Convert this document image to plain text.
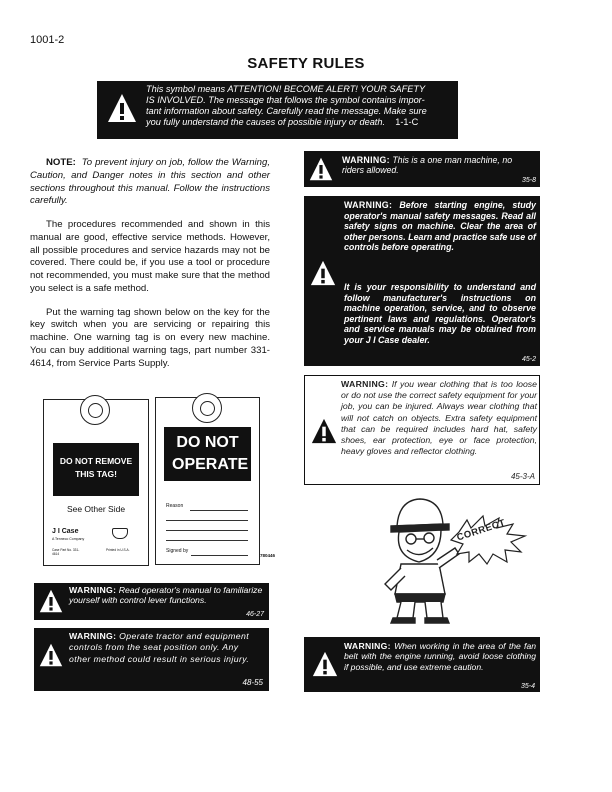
1001-2
SAFETY RULES
This symbol means ATTENTION! BECOME ALERT! YOUR SAFETY
IS INVOLVED. The message that follows the symbol contains impor-
tant information about safety. Carefully read the message. Make sure
you fully understand the causes of possible injury or death. 1-1-C

NOTE: To prevent injury on job, follow the Warning, Caution, and Danger notes in this section and other sections throughout this manual. Follow the instructions carefully.

The procedures recommended and shown in this manual are good, effective service methods. However, all possible procedures and service hazards may not be covered. There could be, if you use a tool or procedure not recommended, you must make sure that the method you select is a safe method.

Put the warning tag shown below on the key for the key switch when you are servicing or repairing this machine. One warning tag is on every new machine. You can buy additional warning tags, part number 331-4614, from Service Parts Supply.

DO NOT REMOVE THIS TAG!
See Other Side
J I Case
A Tenneco Company
Case Part No. 331-4614
Printed in U.S.A.
DO NOT OPERATE
Reason
Signed by
780446
WARNING: Read operator's manual to familiarize yourself with control lever functions.
46-27
WARNING: Operate tractor and equipment controls from the seat position only. Any other method could result in serious injury.
48-55
WARNING: This is a one man machine, no riders allowed.
35-8
WARNING: Before starting engine, study operator's manual safety messages. Read all safety signs on machine. Clear the area of other persons. Learn and practice safe use of controls before operating.
It is your responsibility to understand and follow manufacturer's instructions on machine operation, service, and to observe pertinent laws and regulations. Operator's and service manuals may be obtained from your J I Case dealer.
45-2
WARNING: If you wear clothing that is too loose or do not use the correct safety equipment for your job, you can be injured. Always wear clothing that will not catch on objects. Extra safety equipment that can be required includes hard hat, safety shoes, ear protection, eye or face protection, heavy gloves and reflector clothing.
45-3-A
CORRECT
WARNING: When working in the area of the fan belt with the engine running, avoid loose clothing if possible, and use extreme caution.
35-4
